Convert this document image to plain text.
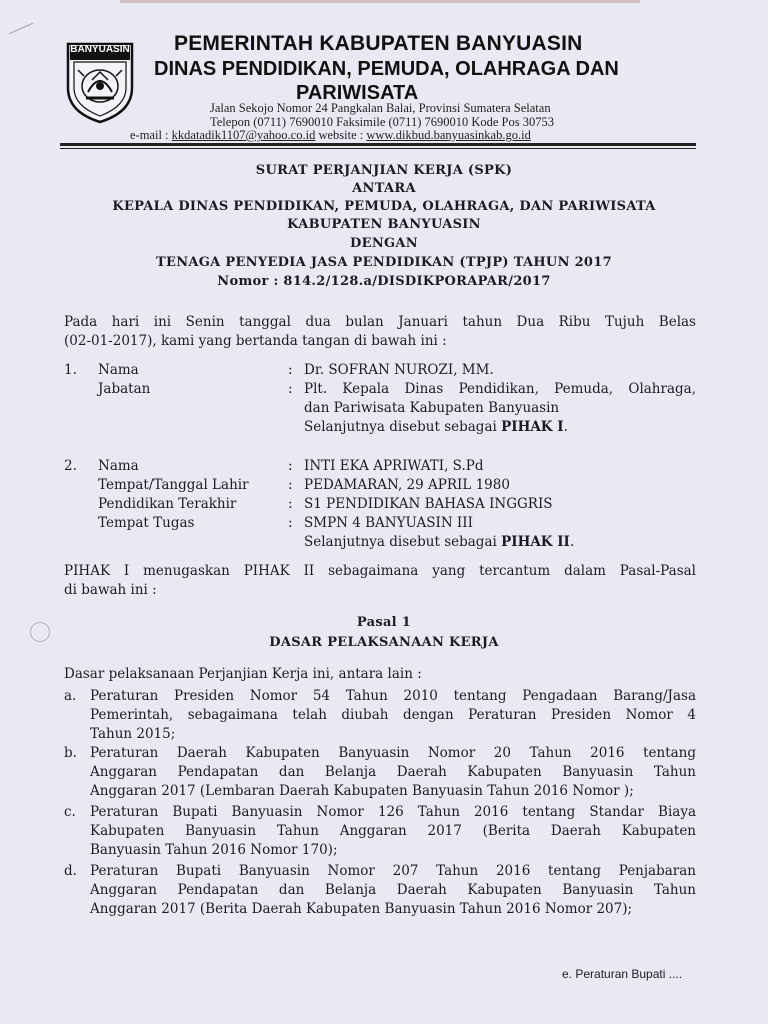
BANYUASIN PEMERINTAH KABUPATEN BANYUASIN
DINAS PENDIDIKAN, PEMUDA, OLAHRAGA DAN
PARIWISATA
Jalan Sekojo Nomor 24 Pangkalan Balai, Provinsi Sumatera Selatan
Telepon (0711) 7690010 Faksimile (0711) 7690010 Kode Pos 30753
e-mail : kkdatadik1107@yahoo.co.id website : www.dikbud.banyuasinkab.go.id
SURAT PERJANJIAN KERJA (SPK)
ANTARA
KEPALA DINAS PENDIDIKAN, PEMUDA, OLAHRAGA, DAN PARIWISATA
KABUPATEN BANYUASIN
DENGAN
TENAGA PENYEDIA JASA PENDIDIKAN (TPJP) TAHUN 2017
Nomor : 814.2/128.a/DISDIKPORAPAR/2017
Pada hari ini Senin tanggal dua bulan Januari tahun Dua Ribu Tujuh Belas
(02-01-2017), kami yang bertanda tangan di bawah ini :
1. Nama	: Dr. SOFRAN NUROZI, MM.
Jabatan	: Plt. Kepala Dinas Pendidikan, Pemuda, Olahraga,
dan Pariwisata Kabupaten Banyuasin
Selanjutnya disebut sebagai PIHAK I.
2. Nama	: INTI EKA APRIWATI, S.Pd
Tempat/Tanggal Lahir	: PEDAMARAN, 29 APRIL 1980
Pendidikan Terakhir	: S1 PENDIDIKAN BAHASA INGGRIS
Tempat Tugas	: SMPN 4 BANYUASIN III
Selanjutnya disebut sebagai PIHAK II.
PIHAK I menugaskan PIHAK II sebagaimana yang tercantum dalam Pasal-Pasal
di bawah ini :
Pasal 1
DASAR PELAKSANAAN KERJA
Dasar pelaksanaan Perjanjian Kerja ini, antara lain :
a. Peraturan Presiden Nomor 54 Tahun 2010 tentang Pengadaan Barang/Jasa
Pemerintah, sebagaimana telah diubah dengan Peraturan Presiden Nomor 4
Tahun 2015;
b. Peraturan Daerah Kabupaten Banyuasin Nomor 20 Tahun 2016 tentang
Anggaran Pendapatan dan Belanja Daerah Kabupaten Banyuasin Tahun
Anggaran 2017 (Lembaran Daerah Kabupaten Banyuasin Tahun 2016 Nomor );
c. Peraturan Bupati Banyuasin Nomor 126 Tahun 2016 tentang Standar Biaya
Kabupaten Banyuasin Tahun Anggaran 2017 (Berita Daerah Kabupaten
Banyuasin Tahun 2016 Nomor 170);
d. Peraturan Bupati Banyuasin Nomor 207 Tahun 2016 tentang Penjabaran
Anggaran Pendapatan dan Belanja Daerah Kabupaten Banyuasin Tahun
Anggaran 2017 (Berita Daerah Kabupaten Banyuasin Tahun 2016 Nomor 207);
e. Peraturan Bupati ....
